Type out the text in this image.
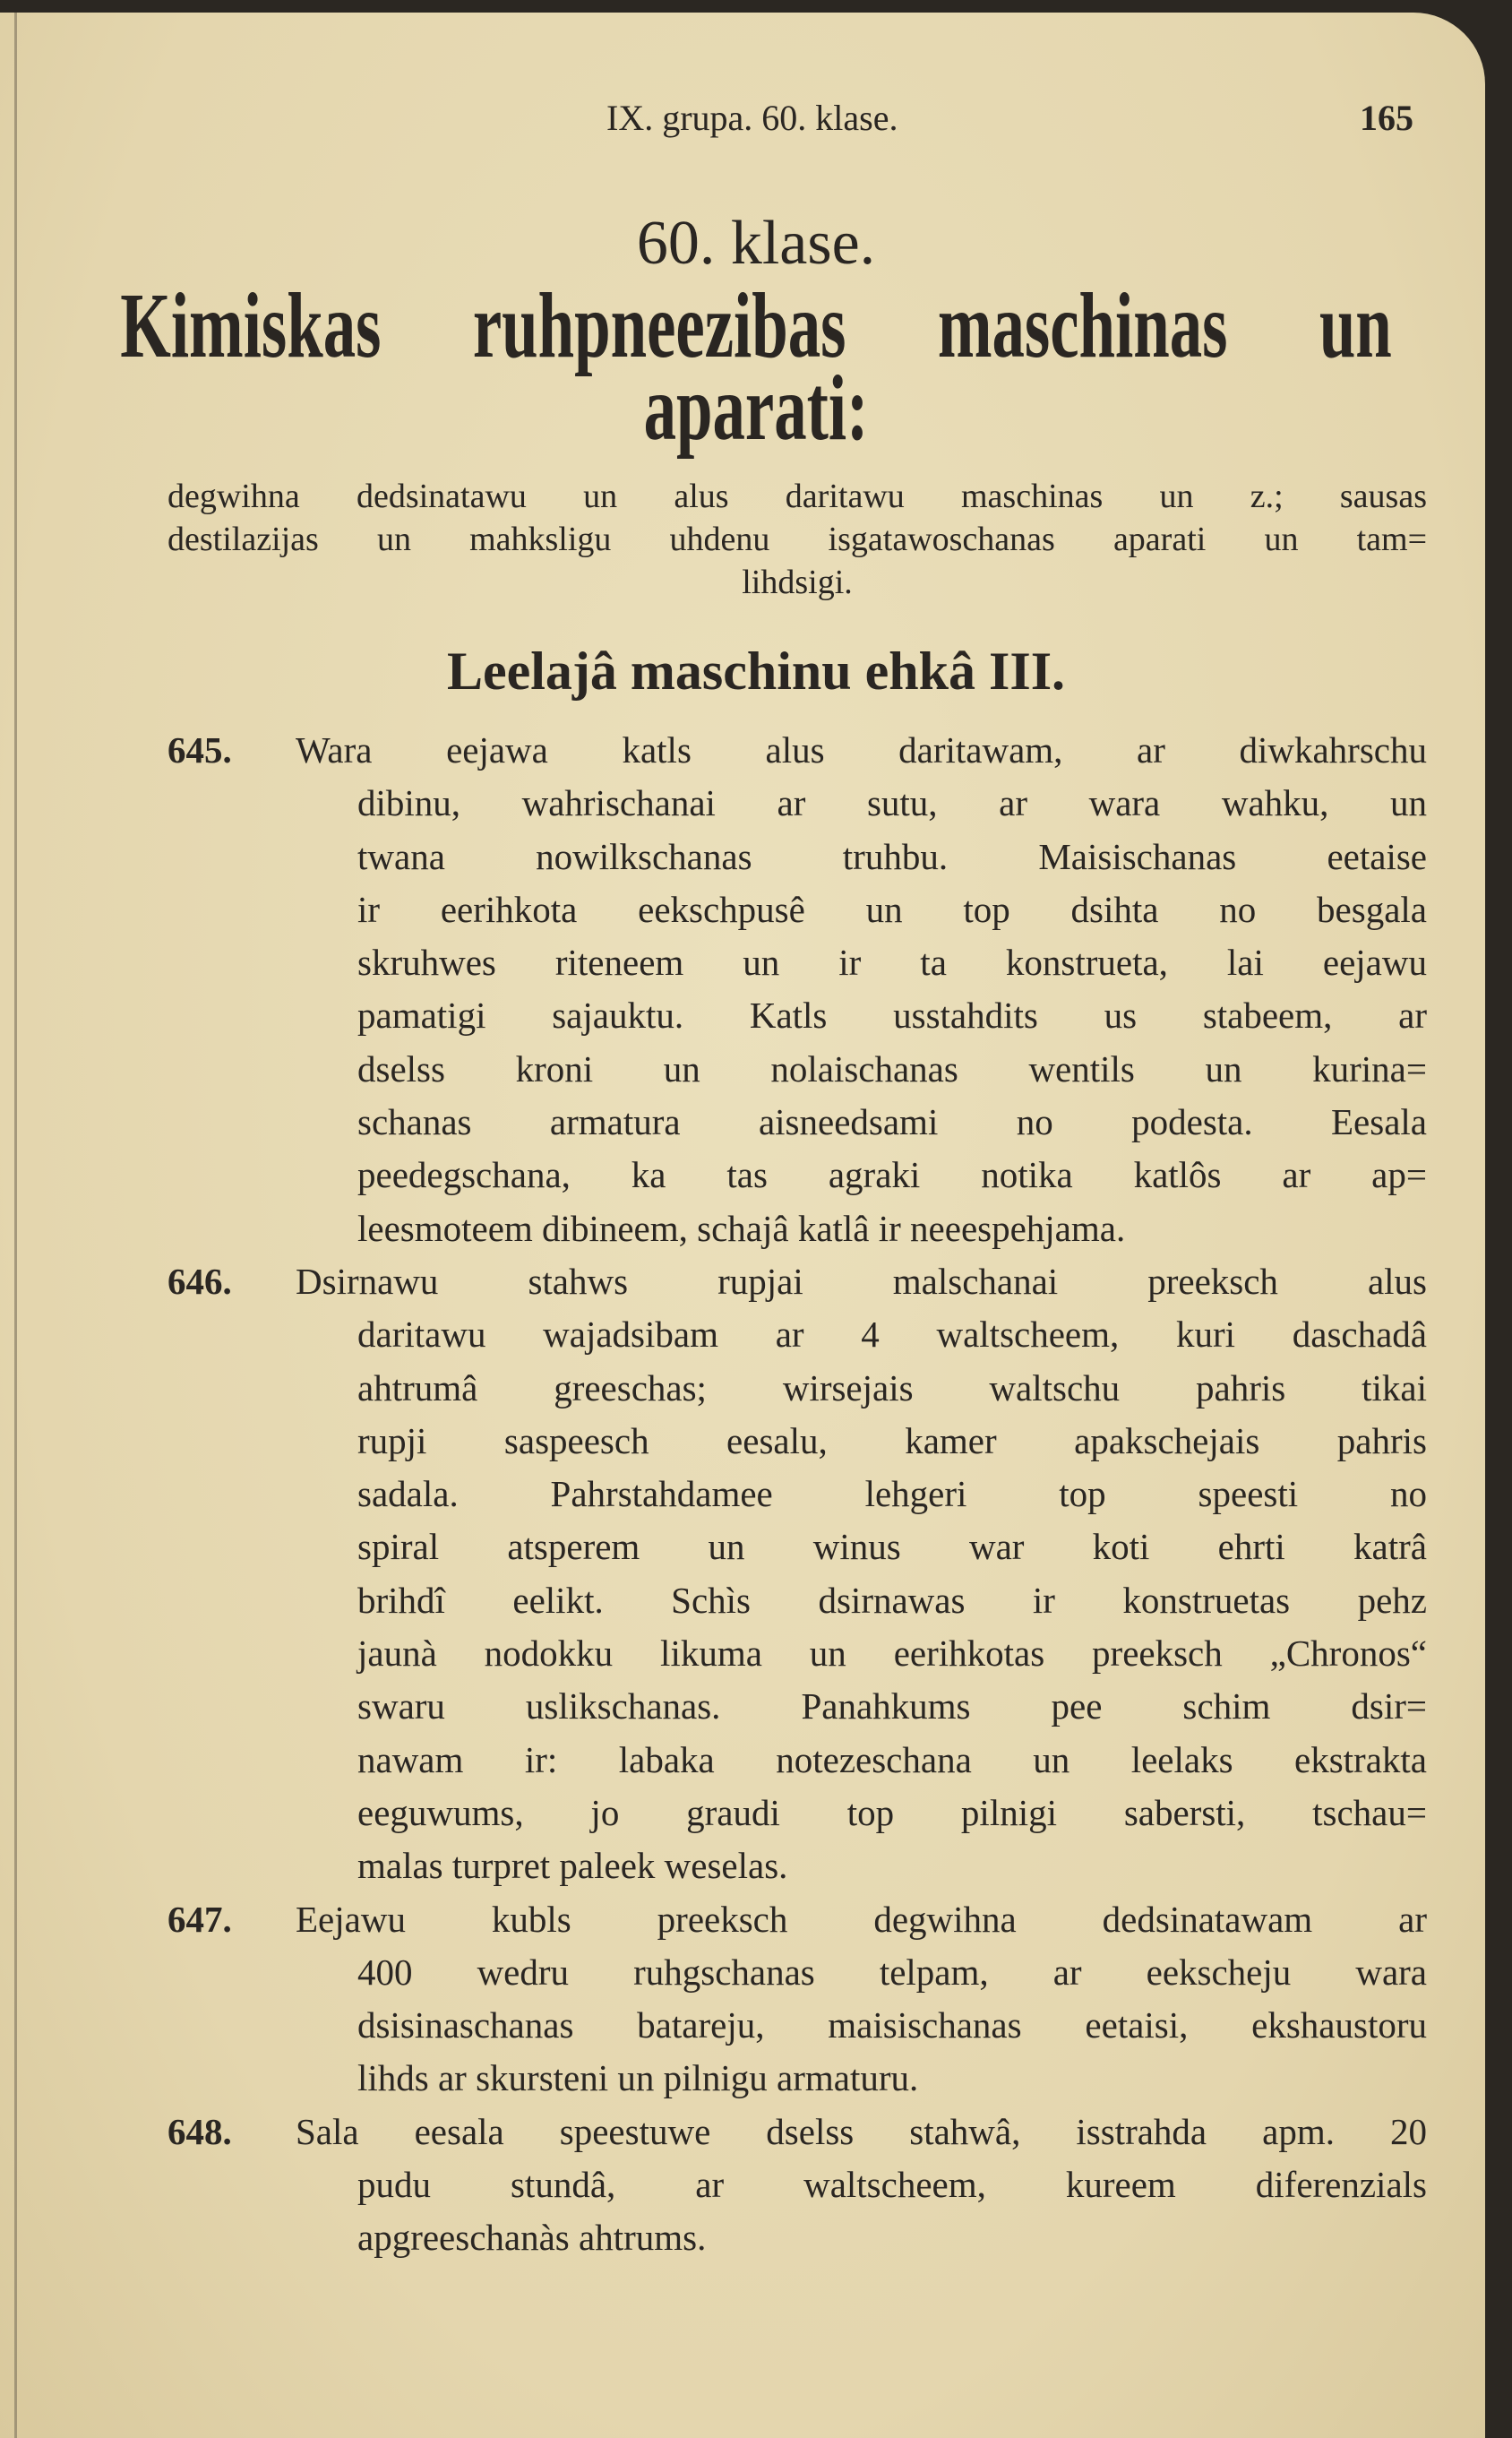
IX. grupa. 60. klase.	165
60. klase.
Kimiskas ruhpneezibas maschinas un
aparati:
degwihna dedsinatawu un alus daritawu maschinas un z.; sausas
destilazijas un mahksligu uhdenu isgatawoschanas aparati un tam=
lihdsigi.
Leelajâ maschinu ehkâ III.
645. Wara eejawa katls alus daritawam, ar diwkahrschu
dibinu, wahrischanai ar sutu, ar wara wahku, un
twana nowilkschanas truhbu. Maisischanas eetaise
ir eerihkota eekschpusê un top dsihta no besgala
skruhwes riteneem un ir ta konstrueta, lai eejawu
pamatigi sajauktu. Katls usstahdits us stabeem, ar
dselss kroni un nolaischanas wentils un kurina=
schanas armatura aisneedsami no podesta. Eesala
peedegschana, ka tas agraki notika katlôs ar ap=
leesmoteem dibineem, schajâ katlâ ir neeespehjama.
646. Dsirnawu stahws rupjai malschanai preeksch alus
daritawu wajadsibam ar 4 waltscheem, kuri daschadâ
ahtrumâ greeschas; wirsejais waltschu pahris tikai
rupji saspeesch eesalu, kamer apakschejais pahris
sadala. Pahrstahdamee lehgeri top speesti no
spiral atsperem un winus war koti ehrti katrâ
brihdî eelikt. Schìs dsirnawas ir konstruetas pehz
jaunà nodokku likuma un eerihkotas preeksch „Chronos“
swaru uslikschanas. Panahkums pee schim dsir=
nawam ir: labaka notezeschana un leelaks ekstrakta
eeguwums, jo graudi top pilnigi sabersti, tschau=
malas turpret paleek weselas.
647. Eejawu kubls preeksch degwihna dedsinatawam ar
400 wedru ruhgschanas telpam, ar eekscheju wara
dsisinaschanas batareju, maisischanas eetaisi, ekshaustoru
lihds ar skursteni un pilnigu armaturu.
648. Sala eesala speestuwe dselss stahwâ, isstrahda apm. 20
pudu stundâ, ar waltscheem, kureem diferenzials
apgreeschanàs ahtrums.
